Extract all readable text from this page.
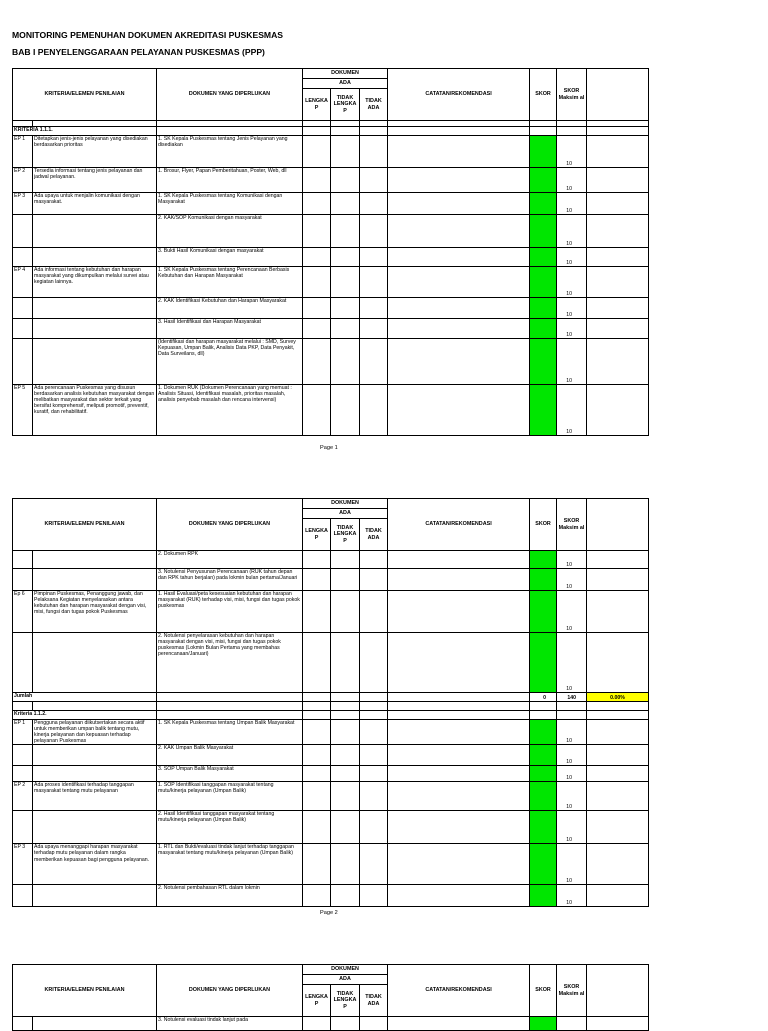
MONITORING PEMENUHAN DOKUMEN AKREDITASI PUSKESMAS
BAB I PENYELENGGARAAN PELAYANAN PUSKESMAS (PPP)
KRITERIA/ELEMEN PENILAIAN		DOKUMEN YANG DIPERLUKAN	DOKUMEN			CATATAN/REKOMENDASI	SKOR	SKOR Maksim al	
			ADA						
			LENGKA P	TIDAK LENGKA P	TIDAK ADA				

KRITERIA 1.1.1.									
EP 1	Ditetapkan jenis-jenis pelayanan yang disediakan berdasarkan prioritas	1. SK Kepala Puskesmas tentang Jenis Pelayanan yang disediakan						10	
EP 2	Tersedia informasi tentang jenis pelayanan dan jadwal pelayanan.	1. Brosur, Flyer, Papan Pemberitahuan, Poster, Web, dll						10	
EP 3	Ada upaya untuk menjalin komunikasi dengan masyarakat.	1. SK Kepala Puskesmas tentang Komunikasi dengan Masyarakat						10	
		2. KAK/SOP Komunikasi dengan masyarakat						10	
		3. Bukti Hasil Komunikasi dengan masyarakat						10	
EP 4	Ada informasi tentang kebutuhan dan harapan masyarakat yang dikumpulkan melalui survei atau kegiatan lainnya.	1. SK Kepala Puskesmas tentang Perencanaan Berbasis Kebutuhan dan Harapan Masyarakat						10	
		2. KAK Identifikasi Kebutuhan dan Harapan Masyarakat						10	
		3. Hasil Identifikasi dan Harapan Masyarakat						10	
		(Identifikasi dan harapan masyarakat melalui : SMD, Survey Kepuasan, Umpan Balik, Analisis Data PKP, Data Penyakit, Data Surveilans, dll)						10	
EP 5	Ada perencanaan Puskesmas yang disusun berdasarkan analisis kebutuhan masyarakat dengan melibatkan masyarakat dan sektor terkait yang bersifat komprehensif, meliputi promotif, preventif, kuratif, dan rehabilitatif.	1. Dokumen RUK (Dokumen Perencanaan yang memuat : Analisis Situasi, Identifikasi masalah, prioritas masalah, analisis penyebab masalah dan rencana intervensi)						10	
Page 1
KRITERIA/ELEMEN PENILAIAN		DOKUMEN YANG DIPERLUKAN	DOKUMEN			CATATAN/REKOMENDASI	SKOR	SKOR Maksim al	
			ADA						
			LENGKA P	TIDAK LENGKA P	TIDAK ADA				
		2. Dokumen RPK						10	
		3. Notulensi Penyusunan Perencanaan (RUK tahun depan dan RPK tahun berjalan) pada lokmin bulan pertama/Januari						10	
Ep 6	Pimpinan Puskesmas, Penanggung jawab, dan Pelaksana Kegiatan menyelaraskan antara kebutuhan dan harapan masyarakat dengan visi, misi, fungsi dan tugas pokok Puskesmas	1. Hasil Evaluasi/peta kesesuaian kebutuhan dan harapan masyarakat (RUK) terhadap visi, misi, fungsi dan tugas pokok puskesmas						10	
		2. Notulensi penyelarasan kebutuhan dan harapan masyarakat dengan visi, misi, fungsi dan tugas pokok puskesmas (Lokmin Bulan Pertama yang membahas perencanaan/Januari)						10	
Jumlah							0	140	0.00%

Kriteria 1.1.2.									
EP 1	Pengguna pelayanan diikutsertakan secara aktif untuk memberikan umpan balik tentang mutu, kinerja pelayanan dan kepuasan terhadap pelayanan Puskesmas	1. SK Kepala Puskesmas tentang Umpan Balik Masyarakat						10	
		2. KAK Umpan Balik Masyarakat						10	
		3. SOP Umpan Balik Masyarakat						10	
EP 2	Ada proses identifikasi terhadap tanggapan masyarakat tentang mutu pelayanan	1. SOP Identifikasi tanggapan masyarakat tentang mutu/kinerja pelayanan (Umpan Balik)						10	
		2. Hasil Identifikasi tanggapan masyarakat tentang mutu/kinerja pelayanan (Umpan Balik)						10	
EP 3	Ada upaya menanggapi harapan masyarakat terhadap mutu pelayanan dalam rangka memberikan kepuasan bagi pengguna pelayanan.	1. RTL dan Bukti/evaluasi tindak lanjut terhadap tanggapan masyarakat tentang mutu/kinerja pelayanan (Umpan Balik)						10	
		2. Notulensi pembahasan RTL dalam lokmin						10	
Page 2
KRITERIA/ELEMEN PENILAIAN		DOKUMEN YANG DIPERLUKAN	DOKUMEN			CATATAN/REKOMENDASI	SKOR	SKOR Maksim al	
			ADA						
			LENGKA P	TIDAK LENGKA P	TIDAK ADA				
		3. Notulensi evaluasi tindak lanjut pada							
